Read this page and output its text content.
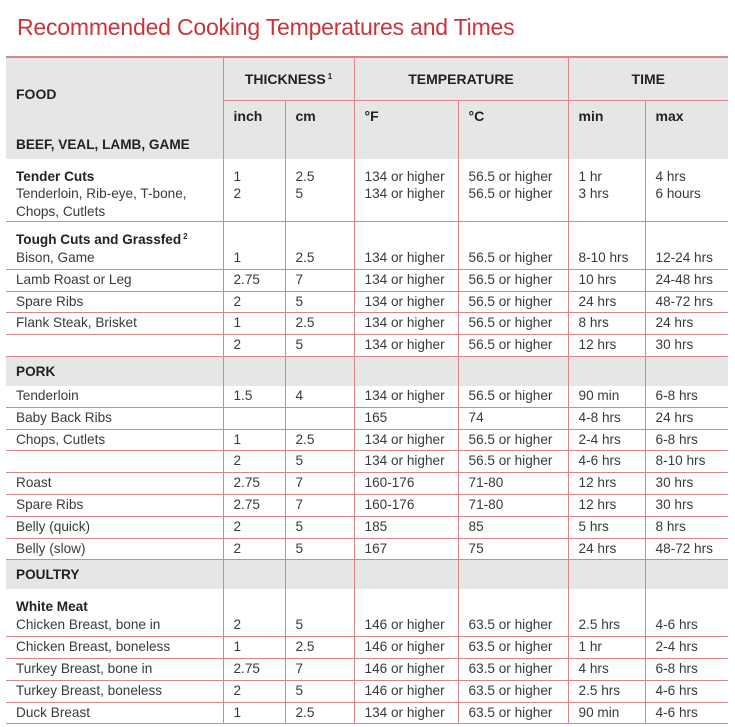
Recommended Cooking Temperatures and Times
FOOD	THICKNESS $^1$		TEMPERATURE		TIME	
	inch	cm	°F	°C	min	max
BEEF, VEAL, LAMB, GAME						
Tender Cuts	1	2.5	134 or higher	56.5 or higher	1 hr	4 hrs
Tenderloin, Rib-eye, T-bone, Chops, Cutlets	2	5	134 or higher	56.5 or higher	3 hrs	6 hours
Tough Cuts and Grassfed $^2$						
Bison, Game	1	2.5	134 or higher	56.5 or higher	8-10 hrs	12-24 hrs
Lamb Roast or Leg	2.75	7	134 or higher	56.5 or higher	10 hrs	24-48 hrs
Spare Ribs	2	5	134 or higher	56.5 or higher	24 hrs	48-72 hrs
Flank Steak, Brisket	1	2.5	134 or higher	56.5 or higher	8 hrs	24 hrs
	2	5	134 or higher	56.5 or higher	12 hrs	30 hrs
PORK						
Tenderloin	1.5	4	134 or higher	56.5 or higher	90 min	6-8 hrs
Baby Back Ribs			165	74	4-8 hrs	24 hrs
Chops, Cutlets	1	2.5	134 or higher	56.5 or higher	2-4 hrs	6-8 hrs
	2	5	134 or higher	56.5 or higher	4-6 hrs	8-10 hrs
Roast	2.75	7	160-176	71-80	12 hrs	30 hrs
Spare Ribs	2.75	7	160-176	71-80	12 hrs	30 hrs
Belly (quick)	2	5	185	85	5 hrs	8 hrs
Belly (slow)	2	5	167	75	24 hrs	48-72 hrs
POULTRY						
White Meat						
Chicken Breast, bone in	2	5	146 or higher	63.5 or higher	2.5 hrs	4-6 hrs
Chicken Breast, boneless	1	2.5	146 or higher	63.5 or higher	1 hr	2-4 hrs
Turkey Breast, bone in	2.75	7	146 or higher	63.5 or higher	4 hrs	6-8 hrs
Turkey Breast, boneless	2	5	146 or higher	63.5 or higher	2.5 hrs	4-6 hrs
Duck Breast	1	2.5	134 or higher	63.5 or higher	90 min	4-6 hrs
